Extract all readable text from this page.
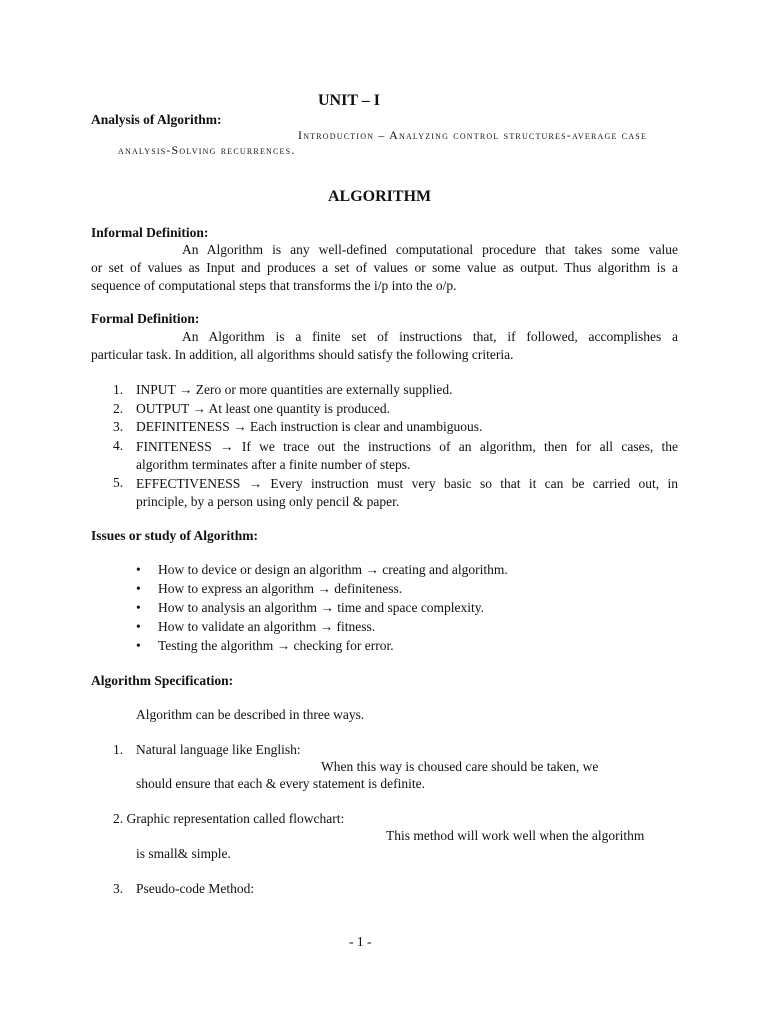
UNIT – I
Analysis of Algorithm:
Introduction – Analyzing control structures-average case
analysis-Solving recurrences.
ALGORITHM
Informal Definition:
An Algorithm is any well-defined computational procedure that takes some value
or set of values as Input and produces a set of values or some value as output. Thus algorithm is a
sequence of computational steps that transforms the i/p into the o/p.
Formal Definition:
An Algorithm is a finite set of instructions that, if followed, accomplishes a
particular task. In addition, all algorithms should satisfy the following criteria.
1. INPUT → Zero or more quantities are externally supplied.
2. OUTPUT → At least one quantity is produced.
3. DEFINITENESS → Each instruction is clear and unambiguous.
4. FINITENESS → If we trace out the instructions of an algorithm, then for all cases, the
algorithm terminates after a finite number of steps.
5. EFFECTIVENESS → Every instruction must very basic so that it can be carried out, in
principle, by a person using only pencil & paper.
Issues or study of Algorithm:
• How to device or design an algorithm → creating and algorithm.
• How to express an algorithm → definiteness.
• How to analysis an algorithm → time and space complexity.
• How to validate an algorithm → fitness.
• Testing the algorithm → checking for error.
Algorithm Specification:
Algorithm can be described in three ways.
1. Natural language like English:
When this way is choused care should be taken, we
should ensure that each & every statement is definite.
2. Graphic representation called flowchart:
This method will work well when the algorithm
is small& simple.
3. Pseudo-code Method:
- 1 -
